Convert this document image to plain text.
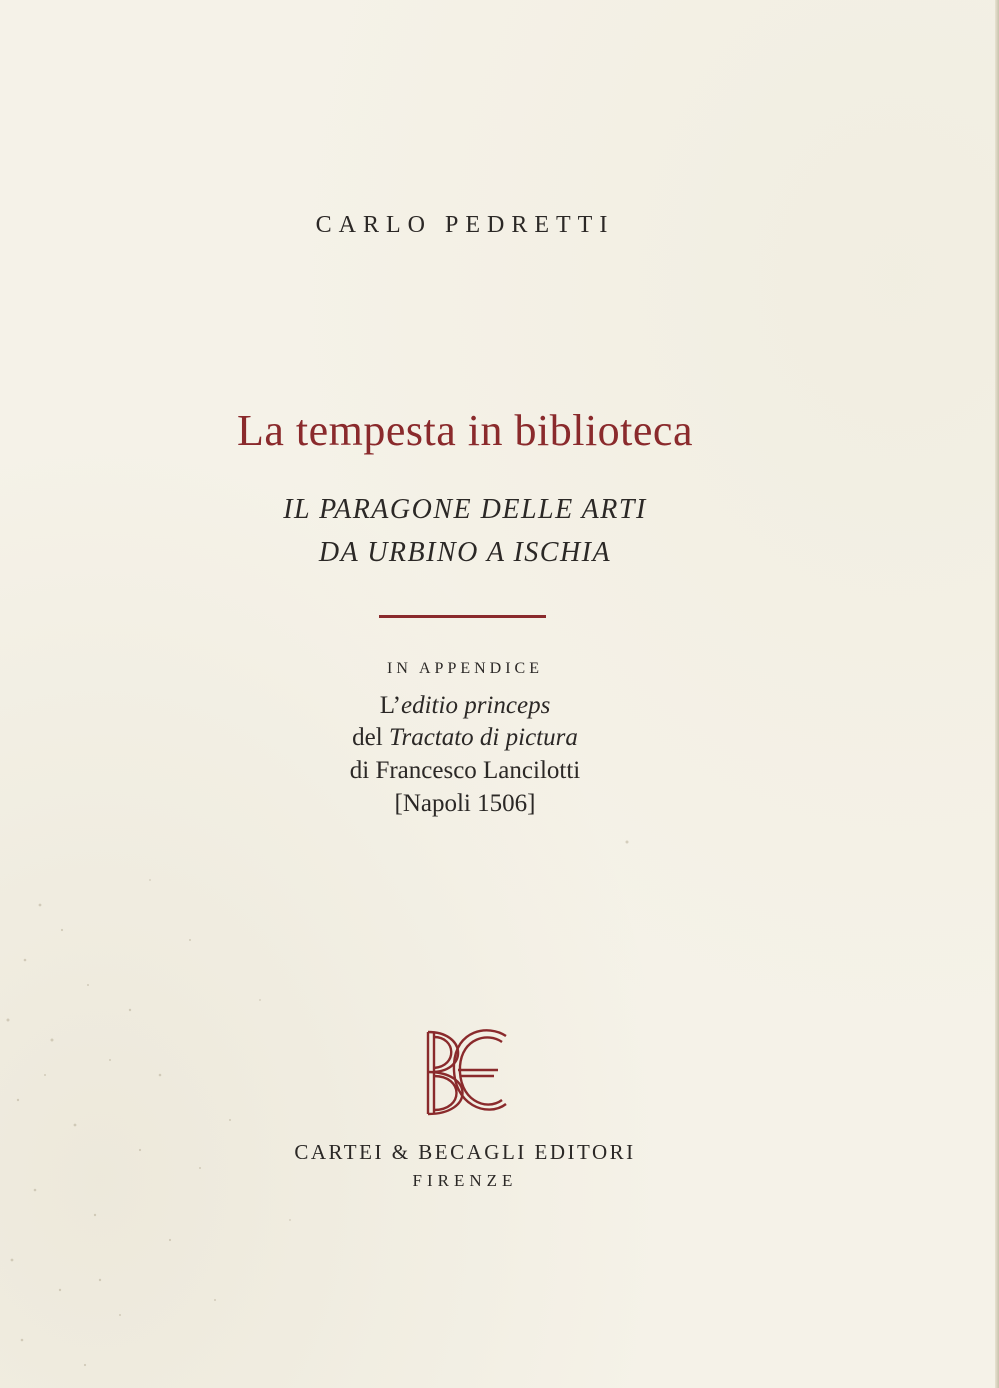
CARLO PEDRETTI
La tempesta in biblioteca
IL PARAGONE DELLE ARTI
DA URBINO A ISCHIA
IN APPENDICE
L’editio princeps
del Tractato di pictura
di Francesco Lancilotti
[Napoli 1506]
CARTEI & BECAGLI EDITORI
FIRENZE
